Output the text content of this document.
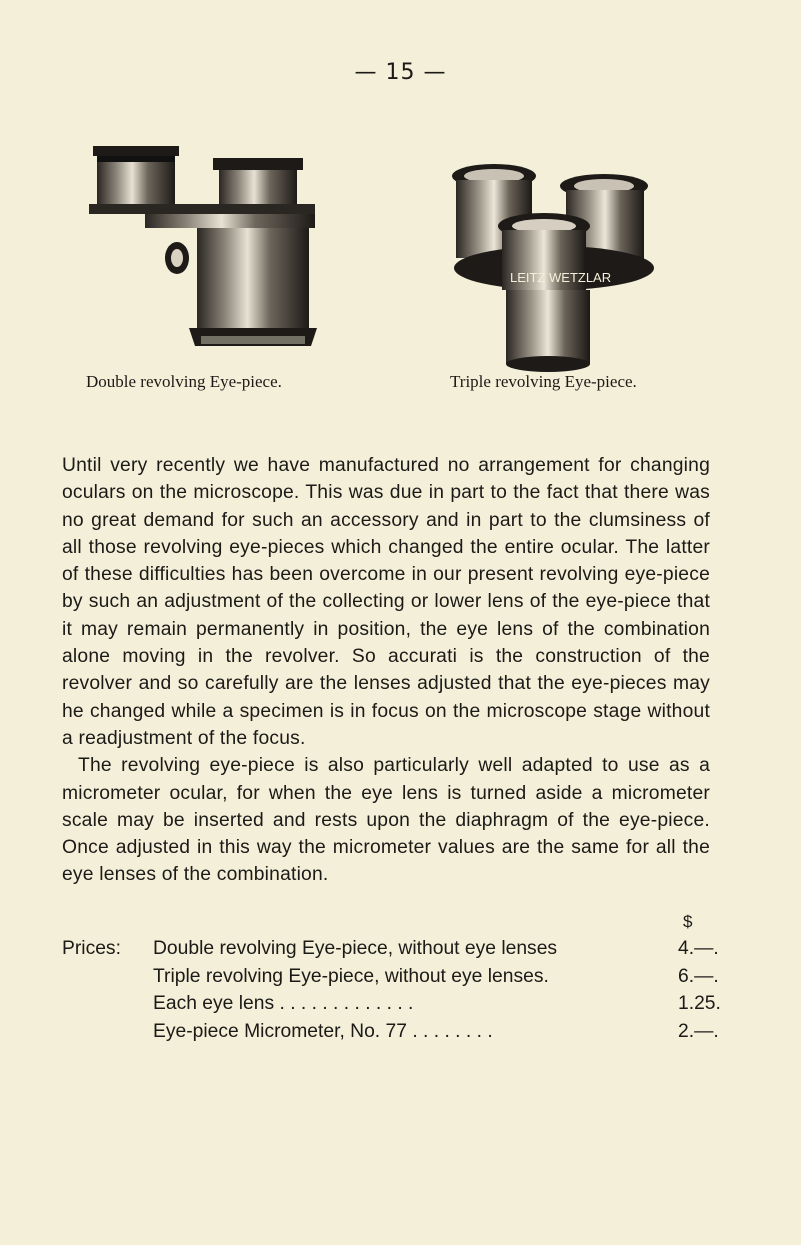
— 15 —
Double revolving Eye-piece.
LEITZ WETZLAR
Triple revolving Eye-piece.

Until very recently we have manufactured no arrangement for changing oculars on the microscope. This was due in part to the fact that there was no great demand for such an accessory and in part to the clumsiness of all those revolving eye-pieces which changed the entire ocular. The latter of these difficulties has been overcome in our present revolving eye-piece by such an adjustment of the collecting or lower lens of the eye-piece that it may remain permanently in position, the eye lens of the combination alone moving in the revolver. So accurati is the construction of the revolver and so carefully are the lenses adjusted that the eye-pieces may he changed while a specimen is in focus on the microscope stage without a readjustment of the focus.

The revolving eye-piece is also particularly well adapted to use as a micrometer ocular, for when the eye lens is turned aside a micrometer scale may be inserted and rests upon the diaphragm of the eye-piece. Once adjusted in this way the micrometer values are the same for all the eye lenses of the combination.

$
Prices: Double revolving Eye-piece, without eye lenses	4.—.
Triple revolving Eye-piece, without eye lenses.	6.—.
Each eye lens . . . . . . . . . . . . .	1.25.
Eye-piece Micrometer, No. 77 . . . . . . . .	2.—.
